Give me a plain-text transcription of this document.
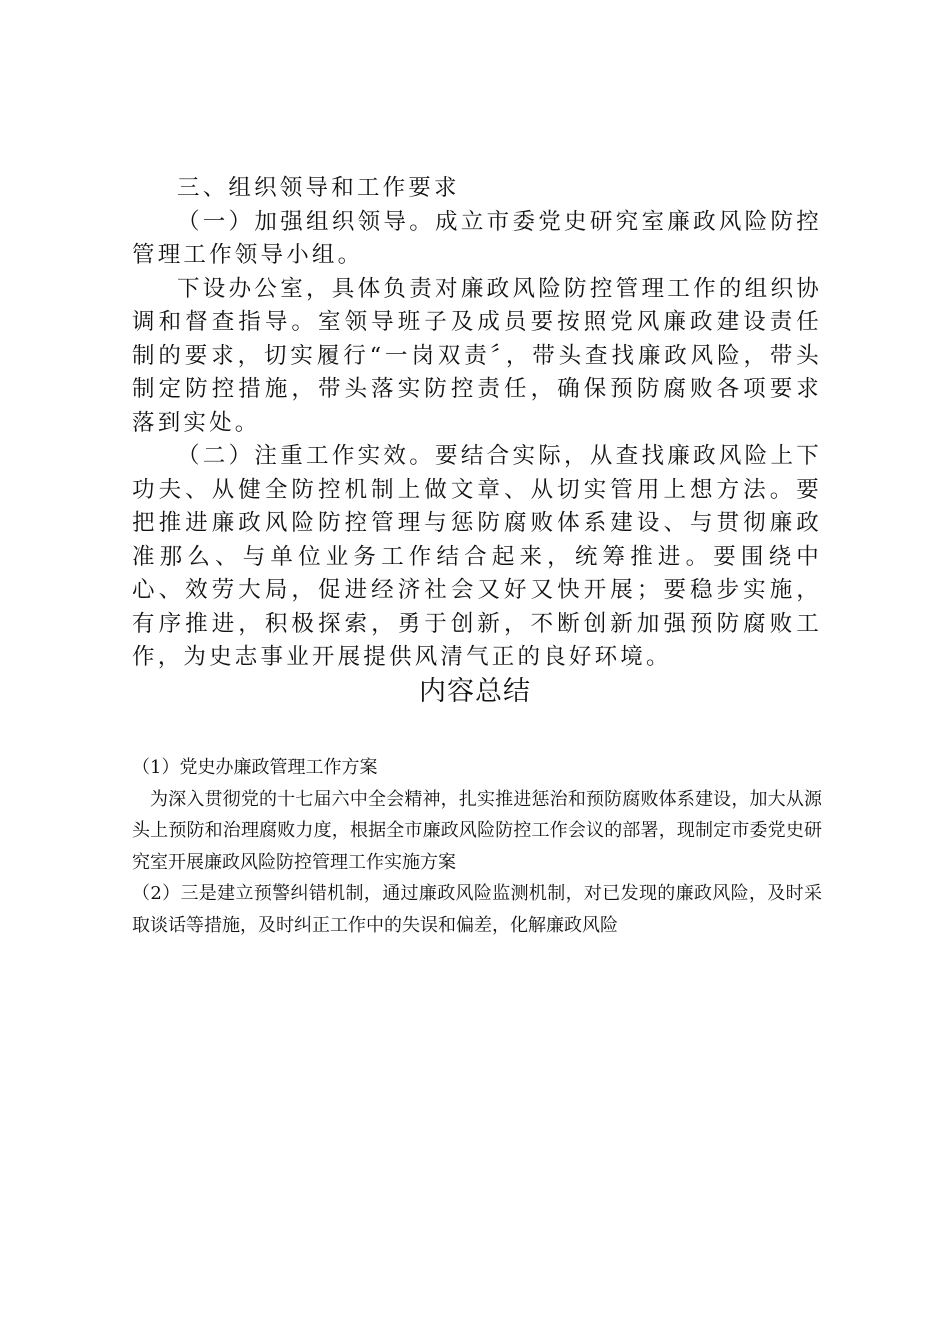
三、组织领导和工作要求

（一）加强组织领导。成立市委党史研究室廉政风险防控管理工作领导小组。

下设办公室，具体负责对廉政风险防控管理工作的组织协调和督查指导。室领导班子及成员要按照党风廉政建设责任制的要求，切实履行“一岗双责〞，带头查找廉政风险，带头制定防控措施，带头落实防控责任，确保预防腐败各项要求落到实处。

（二）注重工作实效。要结合实际，从查找廉政风险上下功夫、从健全防控机制上做文章、从切实管用上想方法。要把推进廉政风险防控管理与惩防腐败体系建设、与贯彻廉政准那么、与单位业务工作结合起来，统筹推进。要围绕中心、效劳大局，促进经济社会又好又快开展；要稳步实施，有序推进，积极探索，勇于创新，不断创新加强预防腐败工作，为史志事业开展提供风清气正的良好环境。

内容总结

（1）党史办廉政管理工作方案

为深入贯彻党的十七届六中全会精神，扎实推进惩治和预防腐败体系建设，加大从源头上预防和治理腐败力度，根据全市廉政风险防控工作会议的部署，现制定市委党史研究室开展廉政风险防控管理工作实施方案

（2）三是建立预警纠错机制，通过廉政风险监测机制，对已发现的廉政风险，及时采取谈话等措施，及时纠正工作中的失误和偏差，化解廉政风险
